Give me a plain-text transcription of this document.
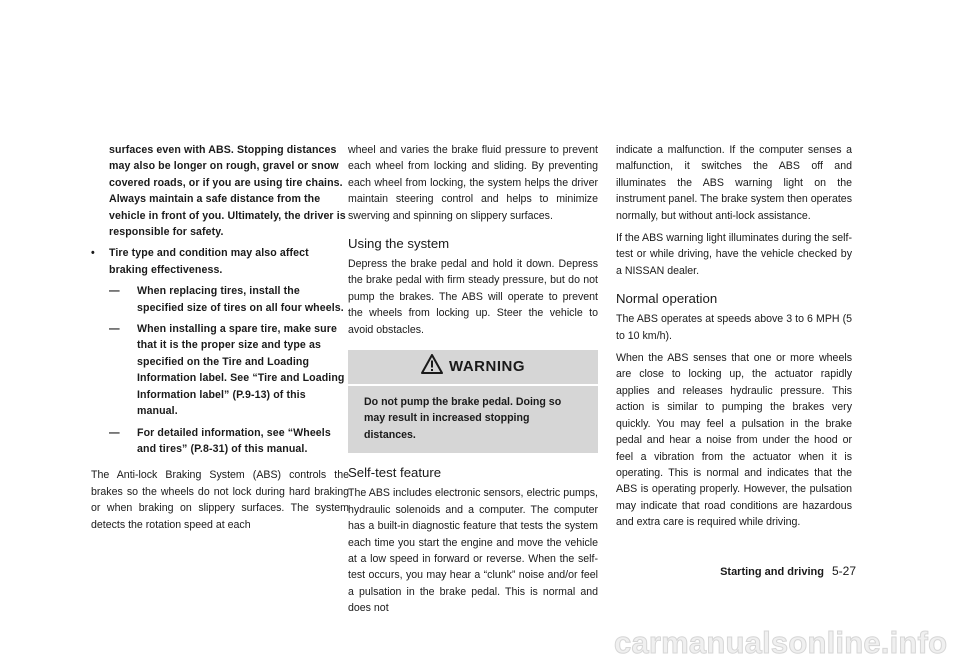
surfaces even with ABS. Stopping distances may also be longer on rough, gravel or snow covered roads, or if you are using tire chains. Always maintain a safe distance from the vehicle in front of you. Ultimately, the driver is responsible for safety.
• Tire type and condition may also affect braking effectiveness.
— When replacing tires, install the specified size of tires on all four wheels.
— When installing a spare tire, make sure that it is the proper size and type as specified on the Tire and Loading Information label. See “Tire and Loading Information label” (P.9-13) of this manual.
— For detailed information, see “Wheels and tires” (P.8-31) of this manual.

The Anti-lock Braking System (ABS) controls the brakes so the wheels do not lock during hard braking or when braking on slippery surfaces. The system detects the rotation speed at each

wheel and varies the brake fluid pressure to prevent each wheel from locking and sliding. By preventing each wheel from locking, the system helps the driver maintain steering control and helps to minimize swerving and spinning on slippery surfaces.

Using the system

Depress the brake pedal and hold it down. Depress the brake pedal with firm steady pressure, but do not pump the brakes. The ABS will operate to prevent the wheels from locking up. Steer the vehicle to avoid obstacles.

WARNING
Do not pump the brake pedal. Doing so may result in increased stopping distances.
Self-test feature

The ABS includes electronic sensors, electric pumps, hydraulic solenoids and a computer. The computer has a built-in diagnostic feature that tests the system each time you start the engine and move the vehicle at a low speed in forward or reverse. When the self-test occurs, you may hear a “clunk” noise and/or feel a pulsation in the brake pedal. This is normal and does not

indicate a malfunction. If the computer senses a malfunction, it switches the ABS off and illuminates the ABS warning light on the instrument panel. The brake system then operates normally, but without anti-lock assistance.

If the ABS warning light illuminates during the self-test or while driving, have the vehicle checked by a NISSAN dealer.

Normal operation

The ABS operates at speeds above 3 to 6 MPH (5 to 10 km/h).

When the ABS senses that one or more wheels are close to locking up, the actuator rapidly applies and releases hydraulic pressure. This action is similar to pumping the brakes very quickly. You may feel a pulsation in the brake pedal and hear a noise from under the hood or feel a vibration from the actuator when it is operating. This is normal and indicates that the ABS is operating properly. However, the pulsation may indicate that road conditions are hazardous and extra care is required while driving.

Starting and driving 5-27
carmanualsonline.info
